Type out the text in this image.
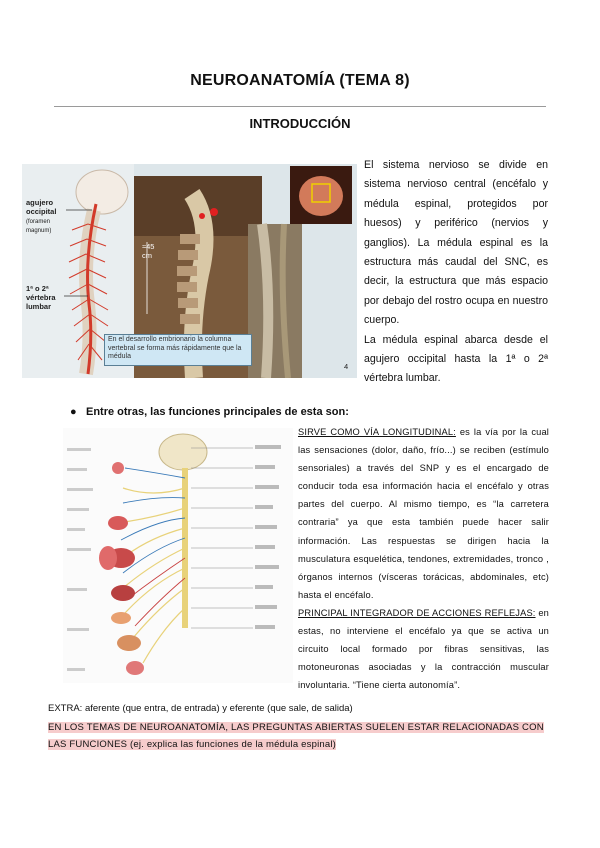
NEUROANATOMÍA (TEMA 8)
INTRODUCCIÓN
agujero occipital
(foramen magnum)
1ª o 2ª vértebra lumbar
≈45 cm
4
En el desarrollo embrionario la columna vertebral se forma más rápidamente que la médula

El sistema nervioso se divide en sistema nervioso central (encéfalo y médula espinal, protegidos por huesos) y periférico (nervios y ganglios). La médula espinal es la estructura más caudal del SNC, es decir, la estructura que más espacio por debajo del rostro ocupa en nuestro cuerpo.

La médula espinal abarca desde el agujero occipital hasta la 1ª o 2ª vértebra lumbar.

● Entre otras, las funciones principales de esta son:

SIRVE COMO VÍA LONGITUDINAL: es la vía por la cual las sensaciones (dolor, daño, frío...) se reciben (estímulo sensoriales) a través del SNP y es el encargado de conducir toda esa información hacia el encéfalo y otras partes del cuerpo. Al mismo tiempo, es “la carretera contraria” ya que esta también puede hacer salir información. Las respuestas se dirigen hacia la musculatura esquelética, tendones, extremidades, tronco , órganos internos (vísceras torácicas, abdominales, etc) hasta el encéfalo.

PRINCIPAL INTEGRADOR DE ACCIONES REFLEJAS: en estas, no interviene el encéfalo ya que se activa un circuito local formado por fibras sensitivas, las motoneuronas asociadas y la contracción muscular involuntaria. “Tiene cierta autonomía”.

EXTRA: aferente (que entra, de entrada) y eferente (que sale, de salida)
EN LOS TEMAS DE NEUROANATOMÍA, LAS PREGUNTAS ABIERTAS SUELEN ESTAR RELACIONADAS CON LAS FUNCIONES (ej. explica las funciones de la médula espinal)
